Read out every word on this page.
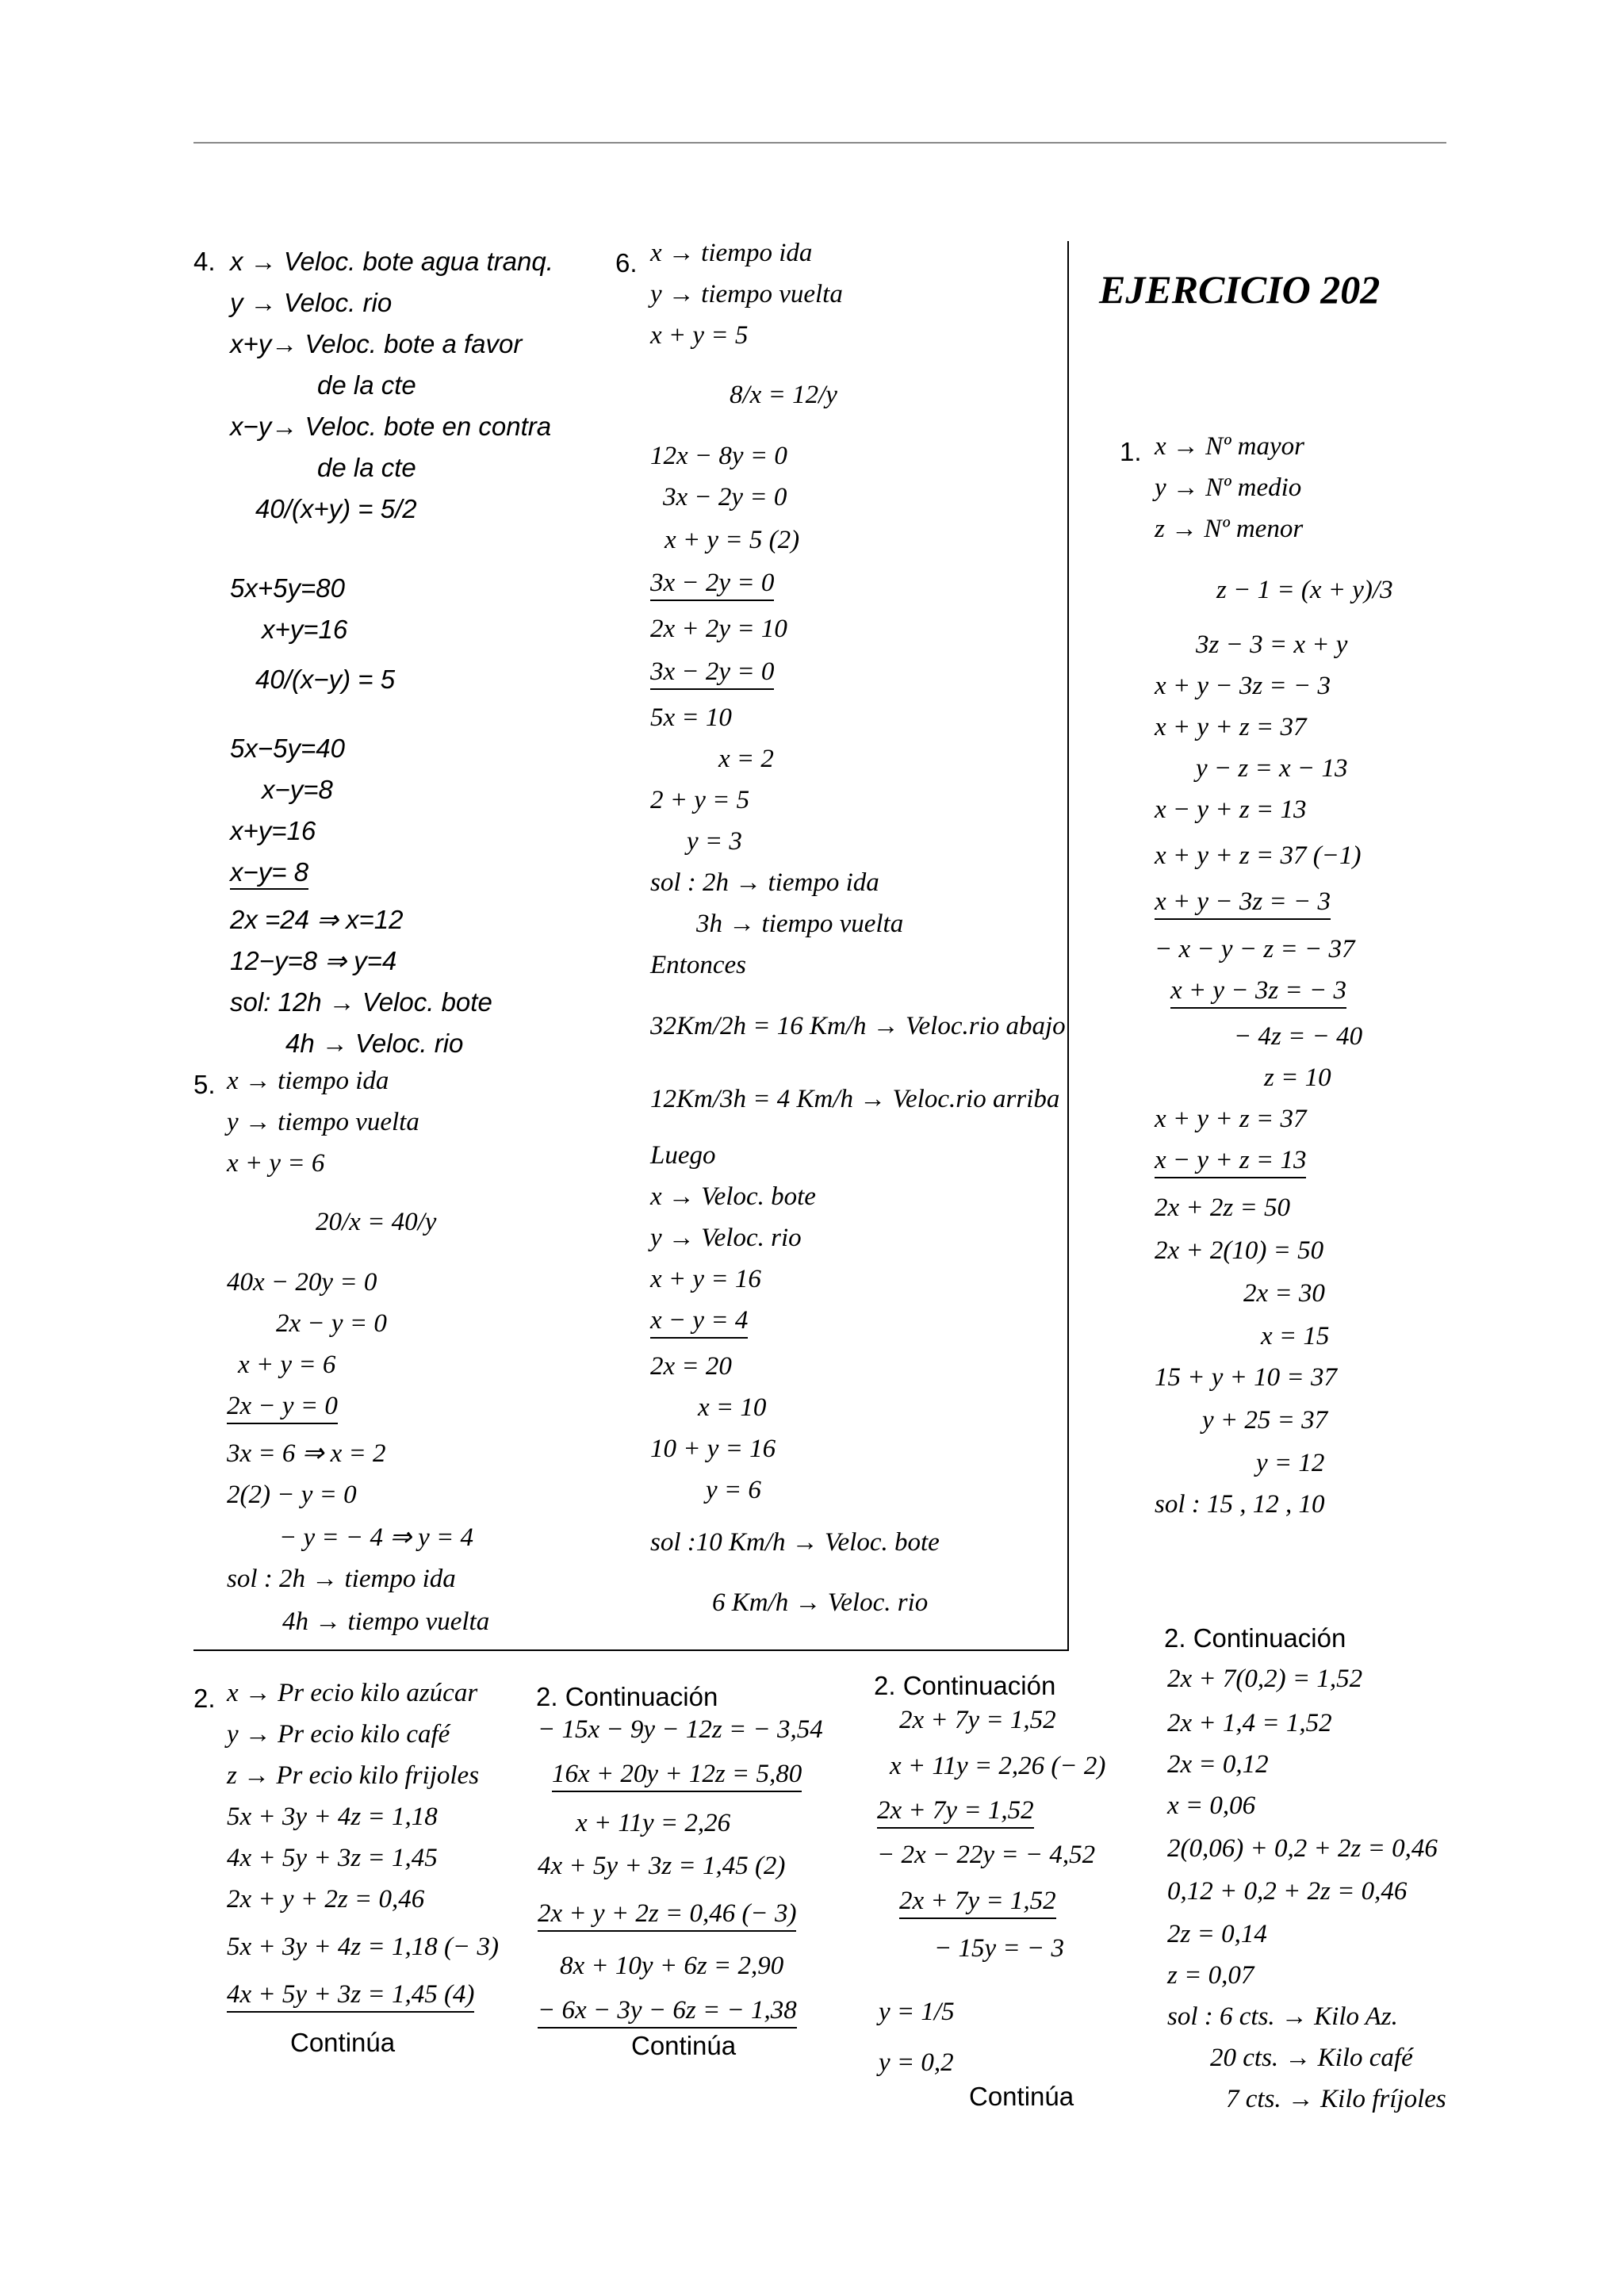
EJERCICIO 202
4. x → Veloc. bote agua tranq.
y → Veloc. rio
x+y→ Veloc. bote a favor
de la cte
x−y→ Veloc. bote en contra
de la cte
40/(x+y) = 5/2
5x+5y=80
x+y=16
40/(x−y) = 5
5x−5y=40
x−y=8
x+y=16
x−y= 8
2x =24 ⇒ x=12
12−y=8 ⇒ y=4
sol: 12h → Veloc. bote
4h → Veloc. rio
5. x → tiempo ida
y → tiempo vuelta
x + y = 6
20/x = 40/y
40x − 20y = 0
2x − y = 0
x + y = 6
2x − y = 0
3x = 6 ⇒ x = 2
2(2) − y = 0
− y = − 4 ⇒ y = 4
sol : 2h → tiempo ida
4h → tiempo vuelta
6. x → tiempo ida
y → tiempo vuelta
x + y = 5
8/x = 12/y
12x − 8y = 0
3x − 2y = 0
x + y = 5 (2)
3x − 2y = 0
2x + 2y = 10
3x − 2y = 0
5x = 10
x = 2
2 + y = 5
y = 3
sol : 2h → tiempo ida
3h → tiempo vuelta
Entonces
32Km/2h = 16 Km/h → Veloc.rio abajo
12Km/3h = 4 Km/h → Veloc.rio arriba
Luego
x → Veloc. bote
y → Veloc. rio
x + y = 16
x − y = 4
2x = 20
x = 10
10 + y = 16
y = 6
sol :10 Km/h → Veloc. bote
6 Km/h → Veloc. rio
1. x → Nº mayor
y → Nº medio
z → Nº menor
z − 1 = (x + y)/3
3z − 3 = x + y
x + y − 3z = − 3
x + y + z = 37
y − z = x − 13
x − y + z = 13
x + y + z = 37 (−1)
x + y − 3z = − 3
− x − y − z = − 37
x + y − 3z = − 3
− 4z = − 40
z = 10
x + y + z = 37
x − y + z = 13
2x + 2z = 50
2x + 2(10) = 50
2x = 30
x = 15
15 + y + 10 = 37
y + 25 = 37
y = 12
sol : 15 , 12 , 10
2. x → Pr ecio kilo azúcar
y → Pr ecio kilo café
z → Pr ecio kilo frijoles
5x + 3y + 4z = 1,18
4x + 5y + 3z = 1,45
2x + y + 2z = 0,46
5x + 3y + 4z = 1,18 (− 3)
4x + 5y + 3z = 1,45 (4)
Continúa
2. Continuación
− 15x − 9y − 12z = − 3,54
16x + 20y + 12z = 5,80
x + 11y = 2,26
4x + 5y + 3z = 1,45 (2)
2x + y + 2z = 0,46 (− 3)
8x + 10y + 6z = 2,90
− 6x − 3y − 6z = − 1,38
Continúa
2. Continuación
2x + 7y = 1,52
x + 11y = 2,26 (− 2)
2x + 7y = 1,52
− 2x − 22y = − 4,52
2x + 7y = 1,52
− 15y = − 3
y = 1/5
y = 0,2
Continúa
2. Continuación
2x + 7(0,2) = 1,52
2x + 1,4 = 1,52
2x = 0,12
x = 0,06
2(0,06) + 0,2 + 2z = 0,46
0,12 + 0,2 + 2z = 0,46
2z = 0,14
z = 0,07
sol : 6 cts. → Kilo Az.
20 cts. → Kilo café
7 cts. → Kilo fríjoles
